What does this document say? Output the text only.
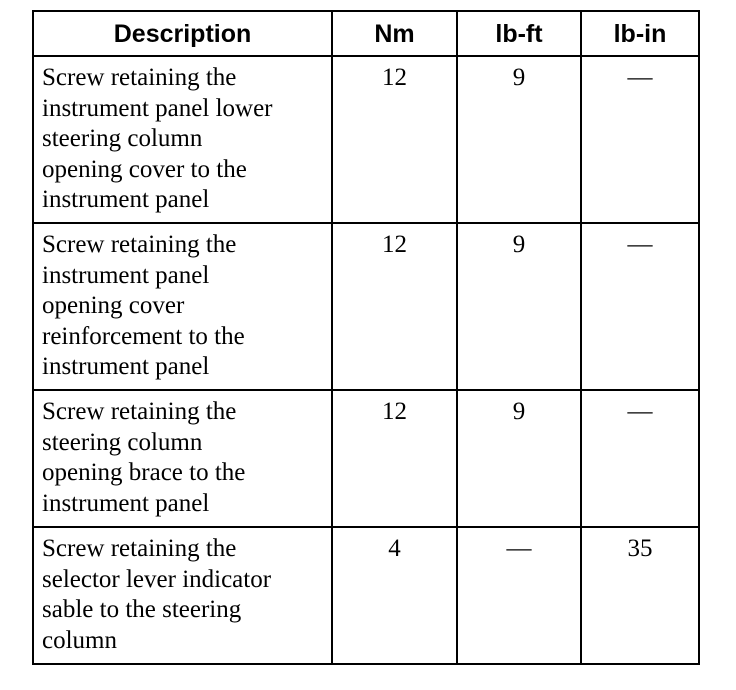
Description	Nm	lb-ft	lb-in

Screw retaining the
instrument panel lower
steering column
opening cover to the
instrument panel	12	9	—

Screw retaining the
instrument panel
opening cover
reinforcement to the
instrument panel	12	9	—

Screw retaining the
steering column
opening brace to the
instrument panel	12	9	—

Screw retaining the
selector lever indicator
sable to the steering
column	4	—	35
